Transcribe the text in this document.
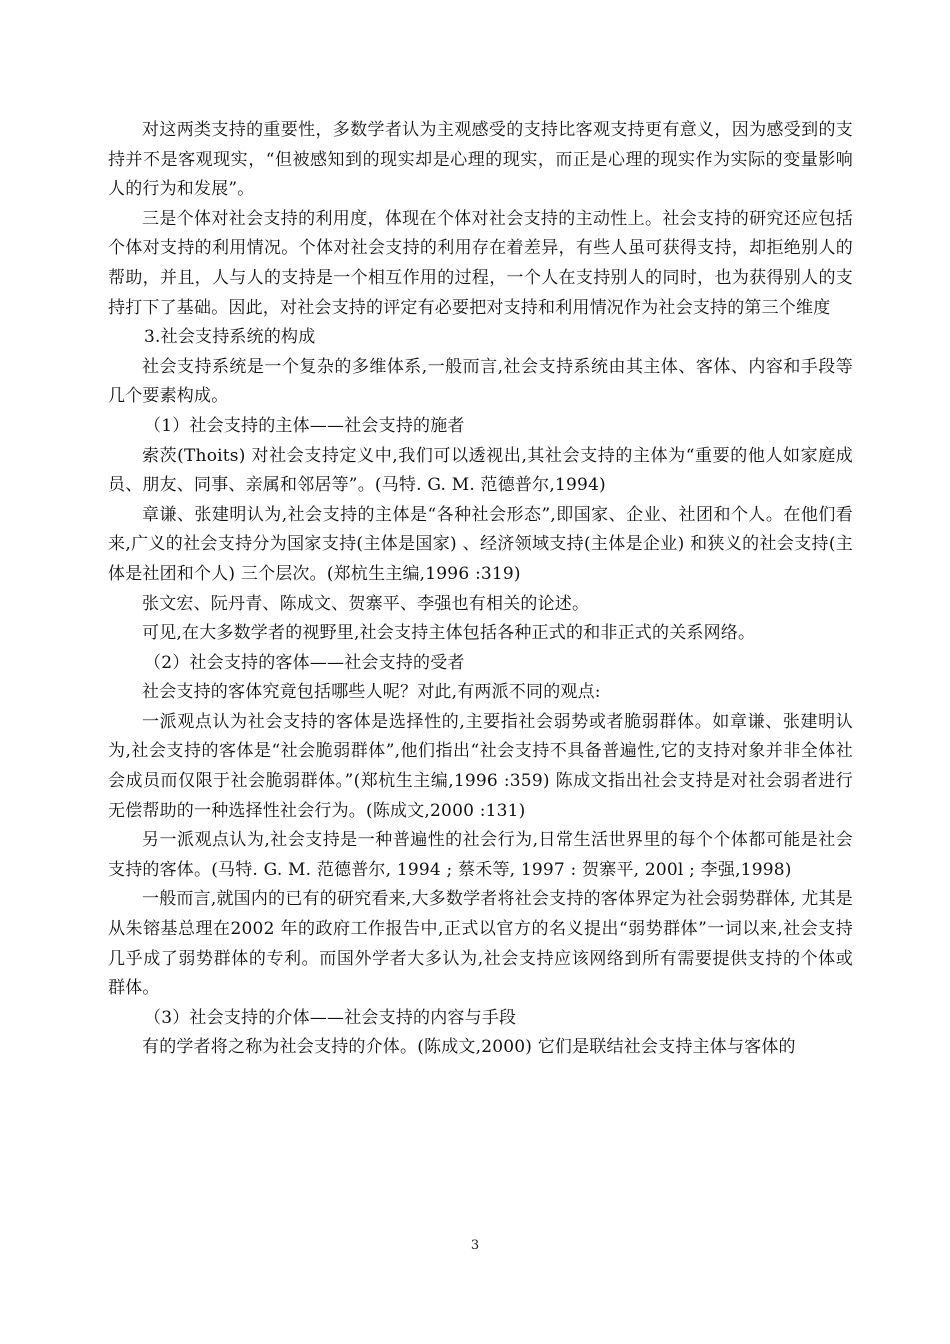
对这两类支持的重要性，多数学者认为主观感受的支持比客观支持更有意义，因为感受到的支持并不是客观现实，“但被感知到的现实却是心理的现实，而正是心理的现实作为实际的变量影响人的行为和发展”。

三是个体对社会支持的利用度，体现在个体对社会支持的主动性上。社会支持的研究还应包括个体对支持的利用情况。个体对社会支持的利用存在着差异，有些人虽可获得支持，却拒绝别人的帮助，并且，人与人的支持是一个相互作用的过程，一个人在支持别人的同时，也为获得别人的支持打下了基础。因此，对社会支持的评定有必要把对支持和利用情况作为社会支持的第三个维度

3.社会支持系统的构成

社会支持系统是一个复杂的多维体系,一般而言,社会支持系统由其主体、客体、内容和手段等几个要素构成。

（1）社会支持的主体——社会支持的施者

索茨(Thoits) 对社会支持定义中,我们可以透视出,其社会支持的主体为“重要的他人如家庭成员、朋友、同事、亲属和邻居等”。(马特. G. M. 范德普尔,1994)

章谦、张建明认为,社会支持的主体是“各种社会形态”,即国家、企业、社团和个人。在他们看来,广义的社会支持分为国家支持(主体是国家) 、经济领域支持(主体是企业) 和狭义的社会支持(主体是社团和个人) 三个层次。(郑杭生主编,1996 :319)

张文宏、阮丹青、陈成文、贺寨平、李强也有相关的论述。

可见,在大多数学者的视野里,社会支持主体包括各种正式的和非正式的关系网络。

（2）社会支持的客体——社会支持的受者

社会支持的客体究竟包括哪些人呢？对此,有两派不同的观点:

一派观点认为社会支持的客体是选择性的,主要指社会弱势或者脆弱群体。如章谦、张建明认为,社会支持的客体是“社会脆弱群体”,他们指出“社会支持不具备普遍性,它的支持对象并非全体社会成员而仅限于社会脆弱群体。”(郑杭生主编,1996 :359) 陈成文指出社会支持是对社会弱者进行无偿帮助的一种选择性社会行为。(陈成文,2000 :131)

另一派观点认为,社会支持是一种普遍性的社会行为,日常生活世界里的每个个体都可能是社会支持的客体。(马特. G. M. 范德普尔, 1994 ; 蔡禾等, 1997 : 贺寨平, 200l ; 李强,1998)

一般而言,就国内的已有的研究看来,大多数学者将社会支持的客体界定为社会弱势群体, 尤其是从朱镕基总理在2002 年的政府工作报告中,正式以官方的名义提出“弱势群体”一词以来,社会支持几乎成了弱势群体的专利。而国外学者大多认为,社会支持应该网络到所有需要提供支持的个体或群体。

（3）社会支持的介体——社会支持的内容与手段

有的学者将之称为社会支持的介体。(陈成文,2000) 它们是联结社会支持主体与客体的

3
